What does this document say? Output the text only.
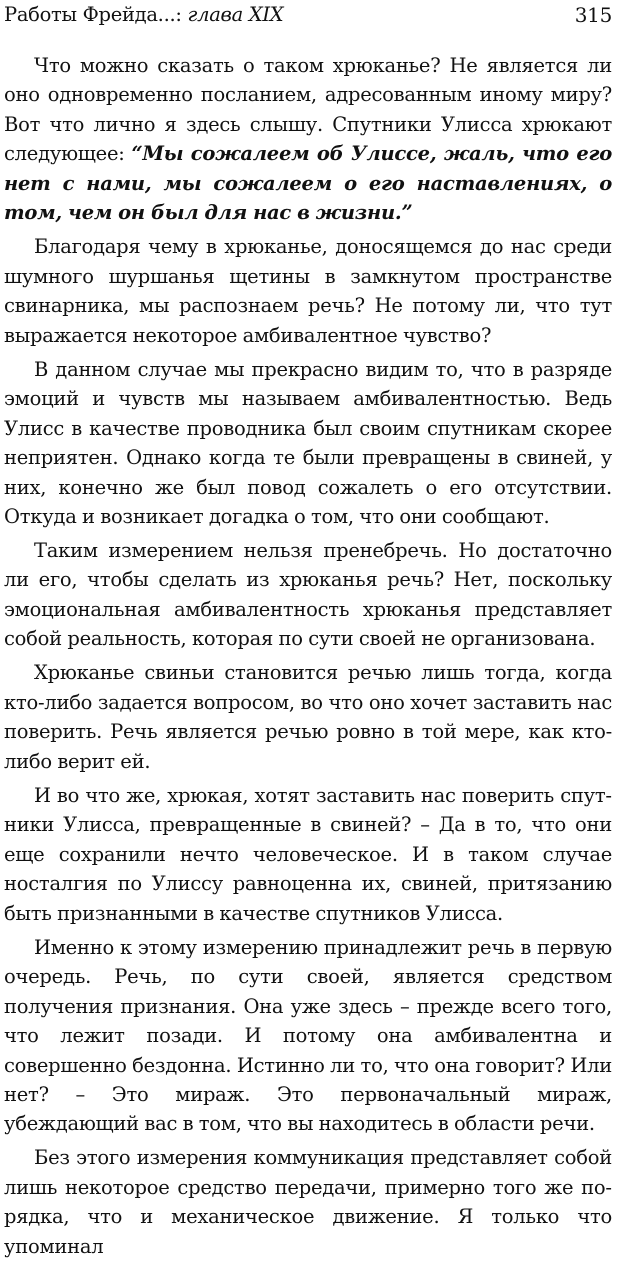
Работы Фрейда...: глава XIX	315

Что можно сказать о таком хрюканье? Не является ли оно одновременно посланием, адресованным иному миру? Вот что лично я здесь слышу. Спутники Улисса хрюкают следующее: “Мы сожалеем об Улиссе, жаль, что его нет с нами, мы сожалеем о его наставлениях, о том, чем он был для нас в жизни.”

Благодаря чему в хрюканье, доносящемся до нас среди шумного шуршанья щетины в замкнутом пространстве свинарника, мы распознаем речь? Не потому ли, что тут выражается некоторое амбивалентное чувство?

В данном случае мы прекрасно видим то, что в разряде эмоций и чувств мы называем амбивалентностью. Ведь Улисс в качестве проводника был своим спутникам скорее неприятен. Однако когда те были превращены в свиней, у них, конечно же был повод сожалеть о его отсутствии. Откуда и возникает догадка о том, что они сообщают.

Таким измерением нельзя пренебречь. Но достаточно ли его, чтобы сделать из хрюканья речь? Нет, поскольку эмоциональная амбивалентность хрюканья представляет собой реальность, которая по сути своей не организована.

Хрюканье свиньи становится речью лишь тогда, когда кто-либо задается вопросом, во что оно хочет заставить нас поверить. Речь является речью ровно в той мере, как кто-либо верит ей.

И во что же, хрюкая, хотят заставить нас поверить спутники Улисса, превращенные в свиней? – Да в то, что они еще сохранили нечто человеческое. И в таком случае носталгия по Улиссу равноценна их, свиней, притязанию быть признанными в качестве спутников Улисса.

Именно к этому измерению принадлежит речь в первую очередь. Речь, по сути своей, является средством получения признания. Она уже здесь – прежде всего того, что лежит позади. И потому она амбивалентна и совершенно бездонна. Истинно ли то, что она говорит? Или нет? – Это мираж. Это первоначальный мираж, убеждающий вас в том, что вы находитесь в области речи.

Без этого измерения коммуникация представляет собой лишь некоторое средство передачи, примерно того же порядка, что и механическое движение. Я только что упоминал
